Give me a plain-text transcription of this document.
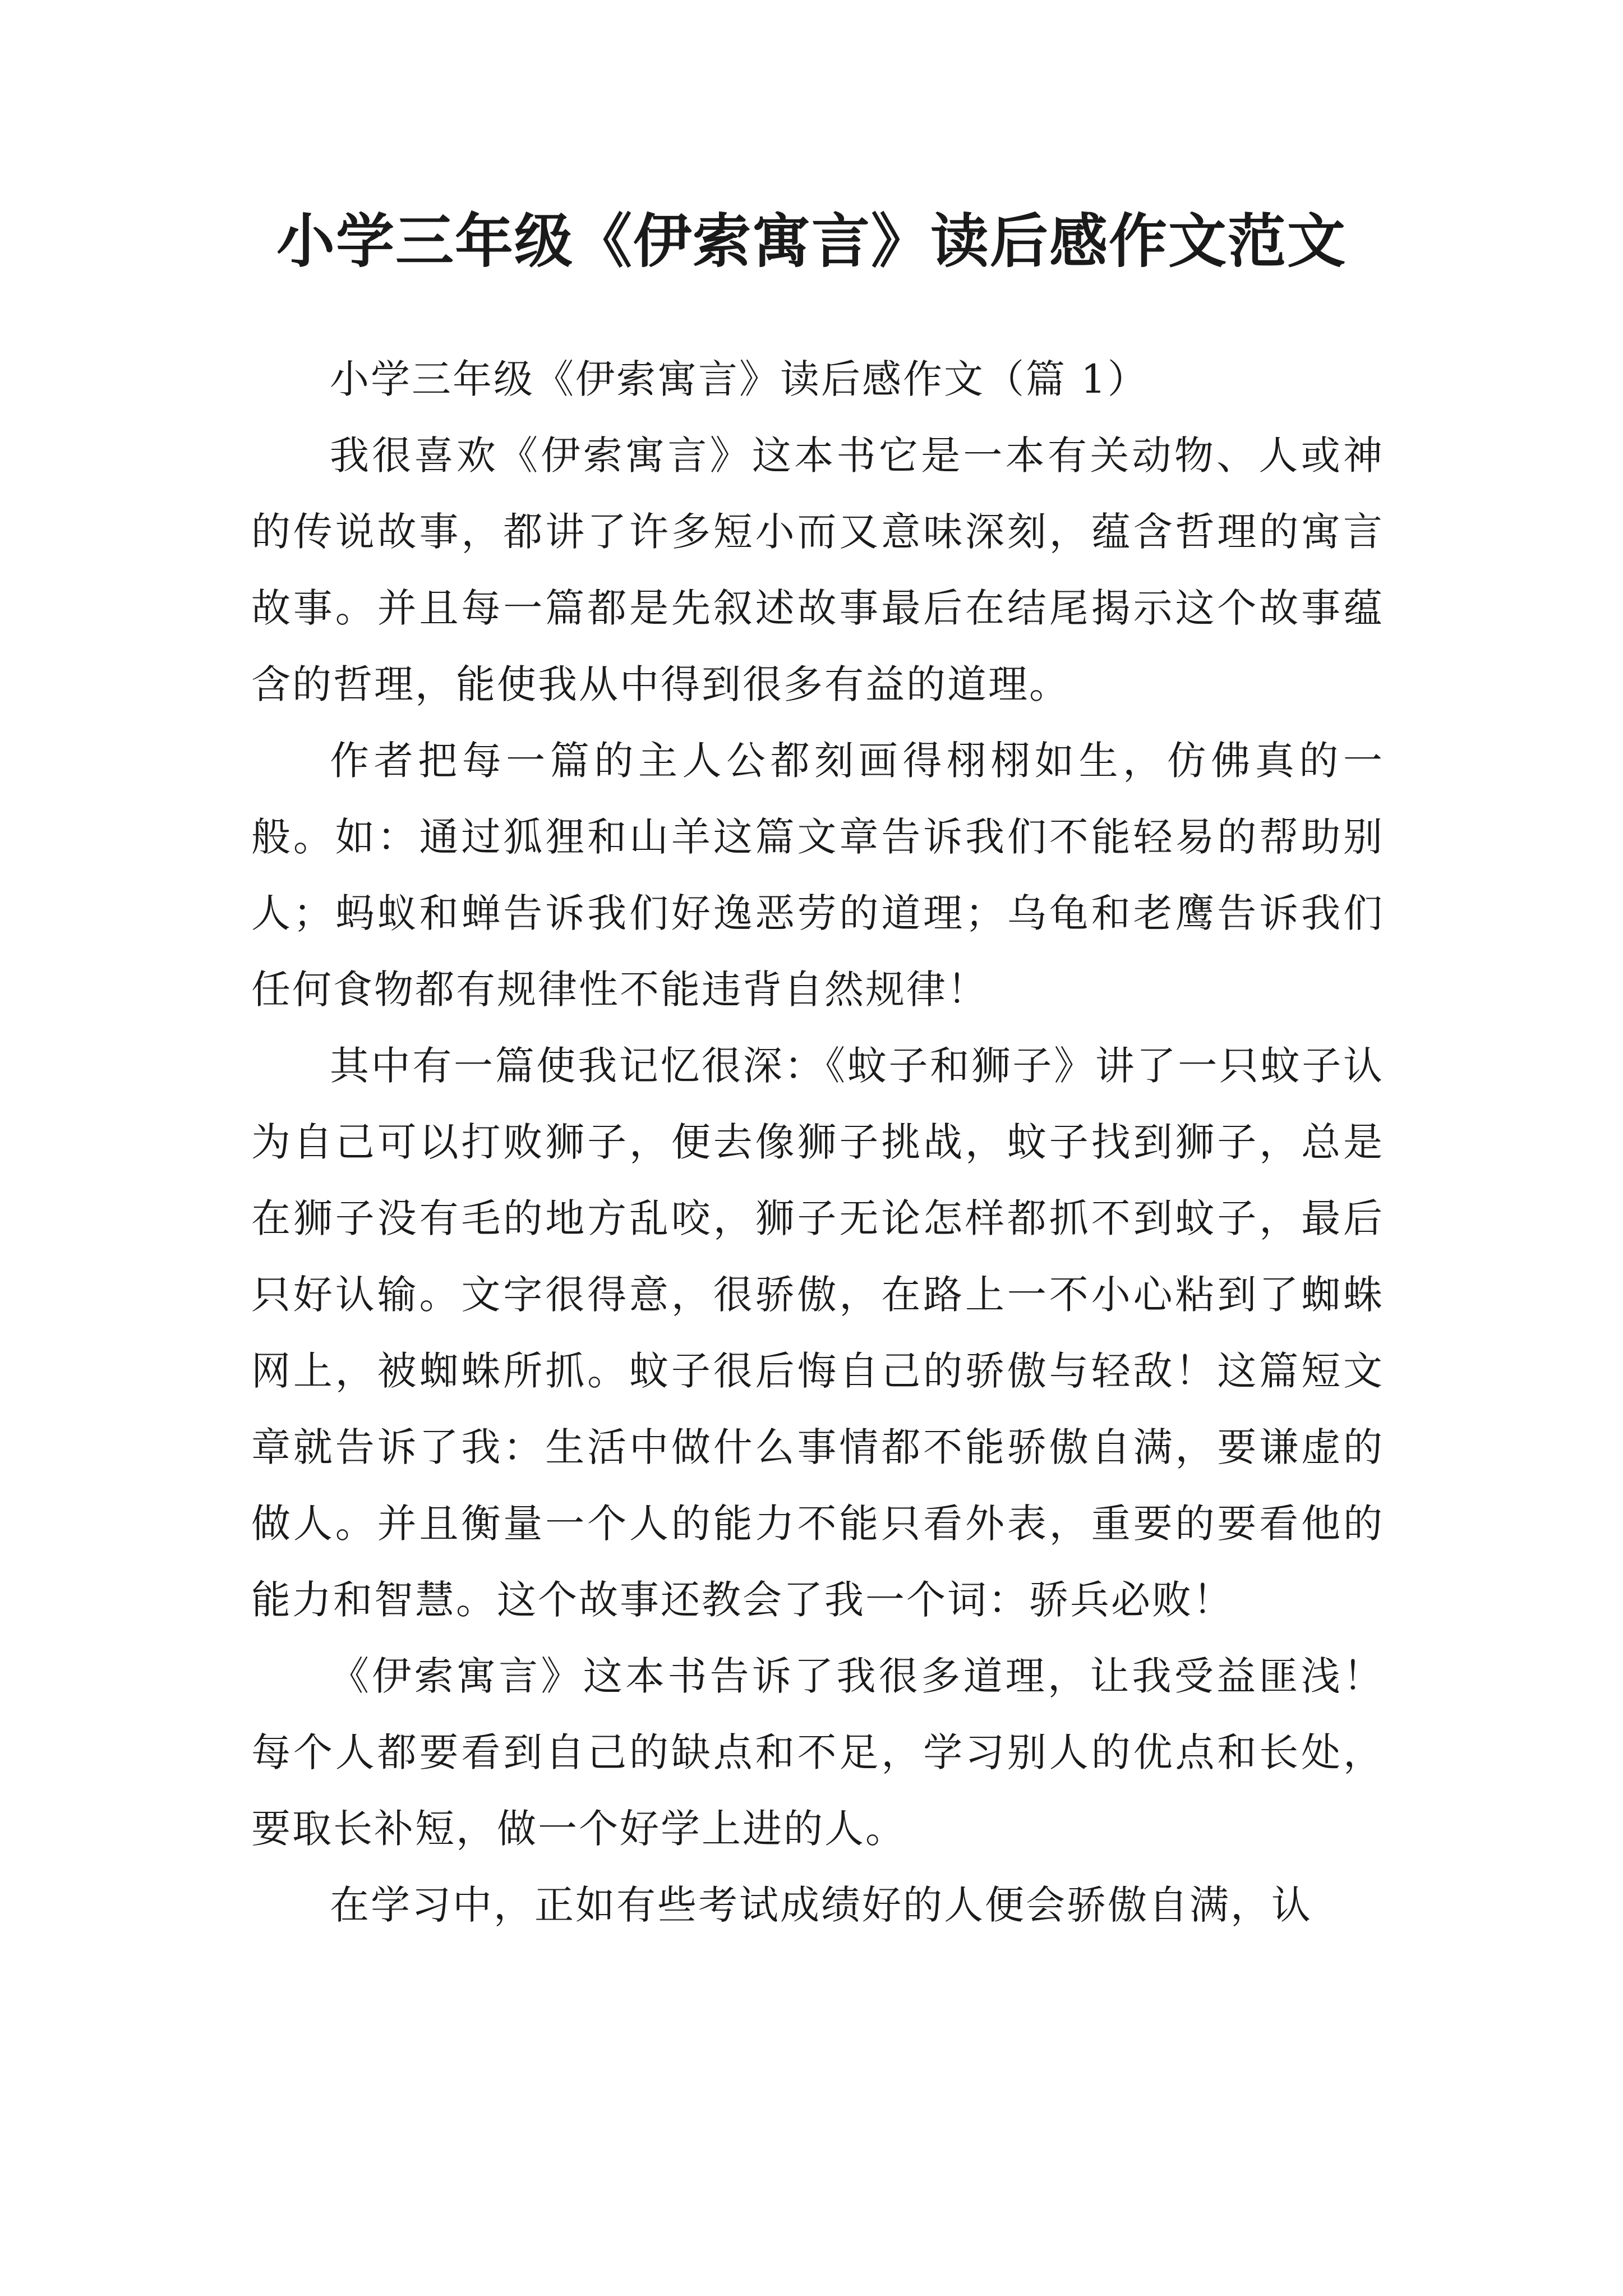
小学三年级《伊索寓言》读后感作文范文

小学三年级《伊索寓言》读后感作文（篇 1）

我很喜欢《伊索寓言》这本书它是一本有关动物、人或神的传说故事，都讲了许多短小而又意味深刻，蕴含哲理的寓言故事。并且每一篇都是先叙述故事最后在结尾揭示这个故事蕴含的哲理，能使我从中得到很多有益的道理。

作者把每一篇的主人公都刻画得栩栩如生，仿佛真的一般。如：通过狐狸和山羊这篇文章告诉我们不能轻易的帮助别人；蚂蚁和蝉告诉我们好逸恶劳的道理；乌龟和老鹰告诉我们任何食物都有规律性不能违背自然规律！

其中有一篇使我记忆很深：《蚊子和狮子》讲了一只蚊子认为自己可以打败狮子，便去像狮子挑战，蚊子找到狮子，总是在狮子没有毛的地方乱咬，狮子无论怎样都抓不到蚊子，最后只好认输。文字很得意，很骄傲，在路上一不小心粘到了蜘蛛网上，被蜘蛛所抓。蚊子很后悔自己的骄傲与轻敌！这篇短文章就告诉了我：生活中做什么事情都不能骄傲自满，要谦虚的做人。并且衡量一个人的能力不能只看外表，重要的要看他的能力和智慧。这个故事还教会了我一个词：骄兵必败！

《伊索寓言》这本书告诉了我很多道理，让我受益匪浅！每个人都要看到自己的缺点和不足，学习别人的优点和长处，要取长补短，做一个好学上进的人。

在学习中，正如有些考试成绩好的人便会骄傲自满，认
